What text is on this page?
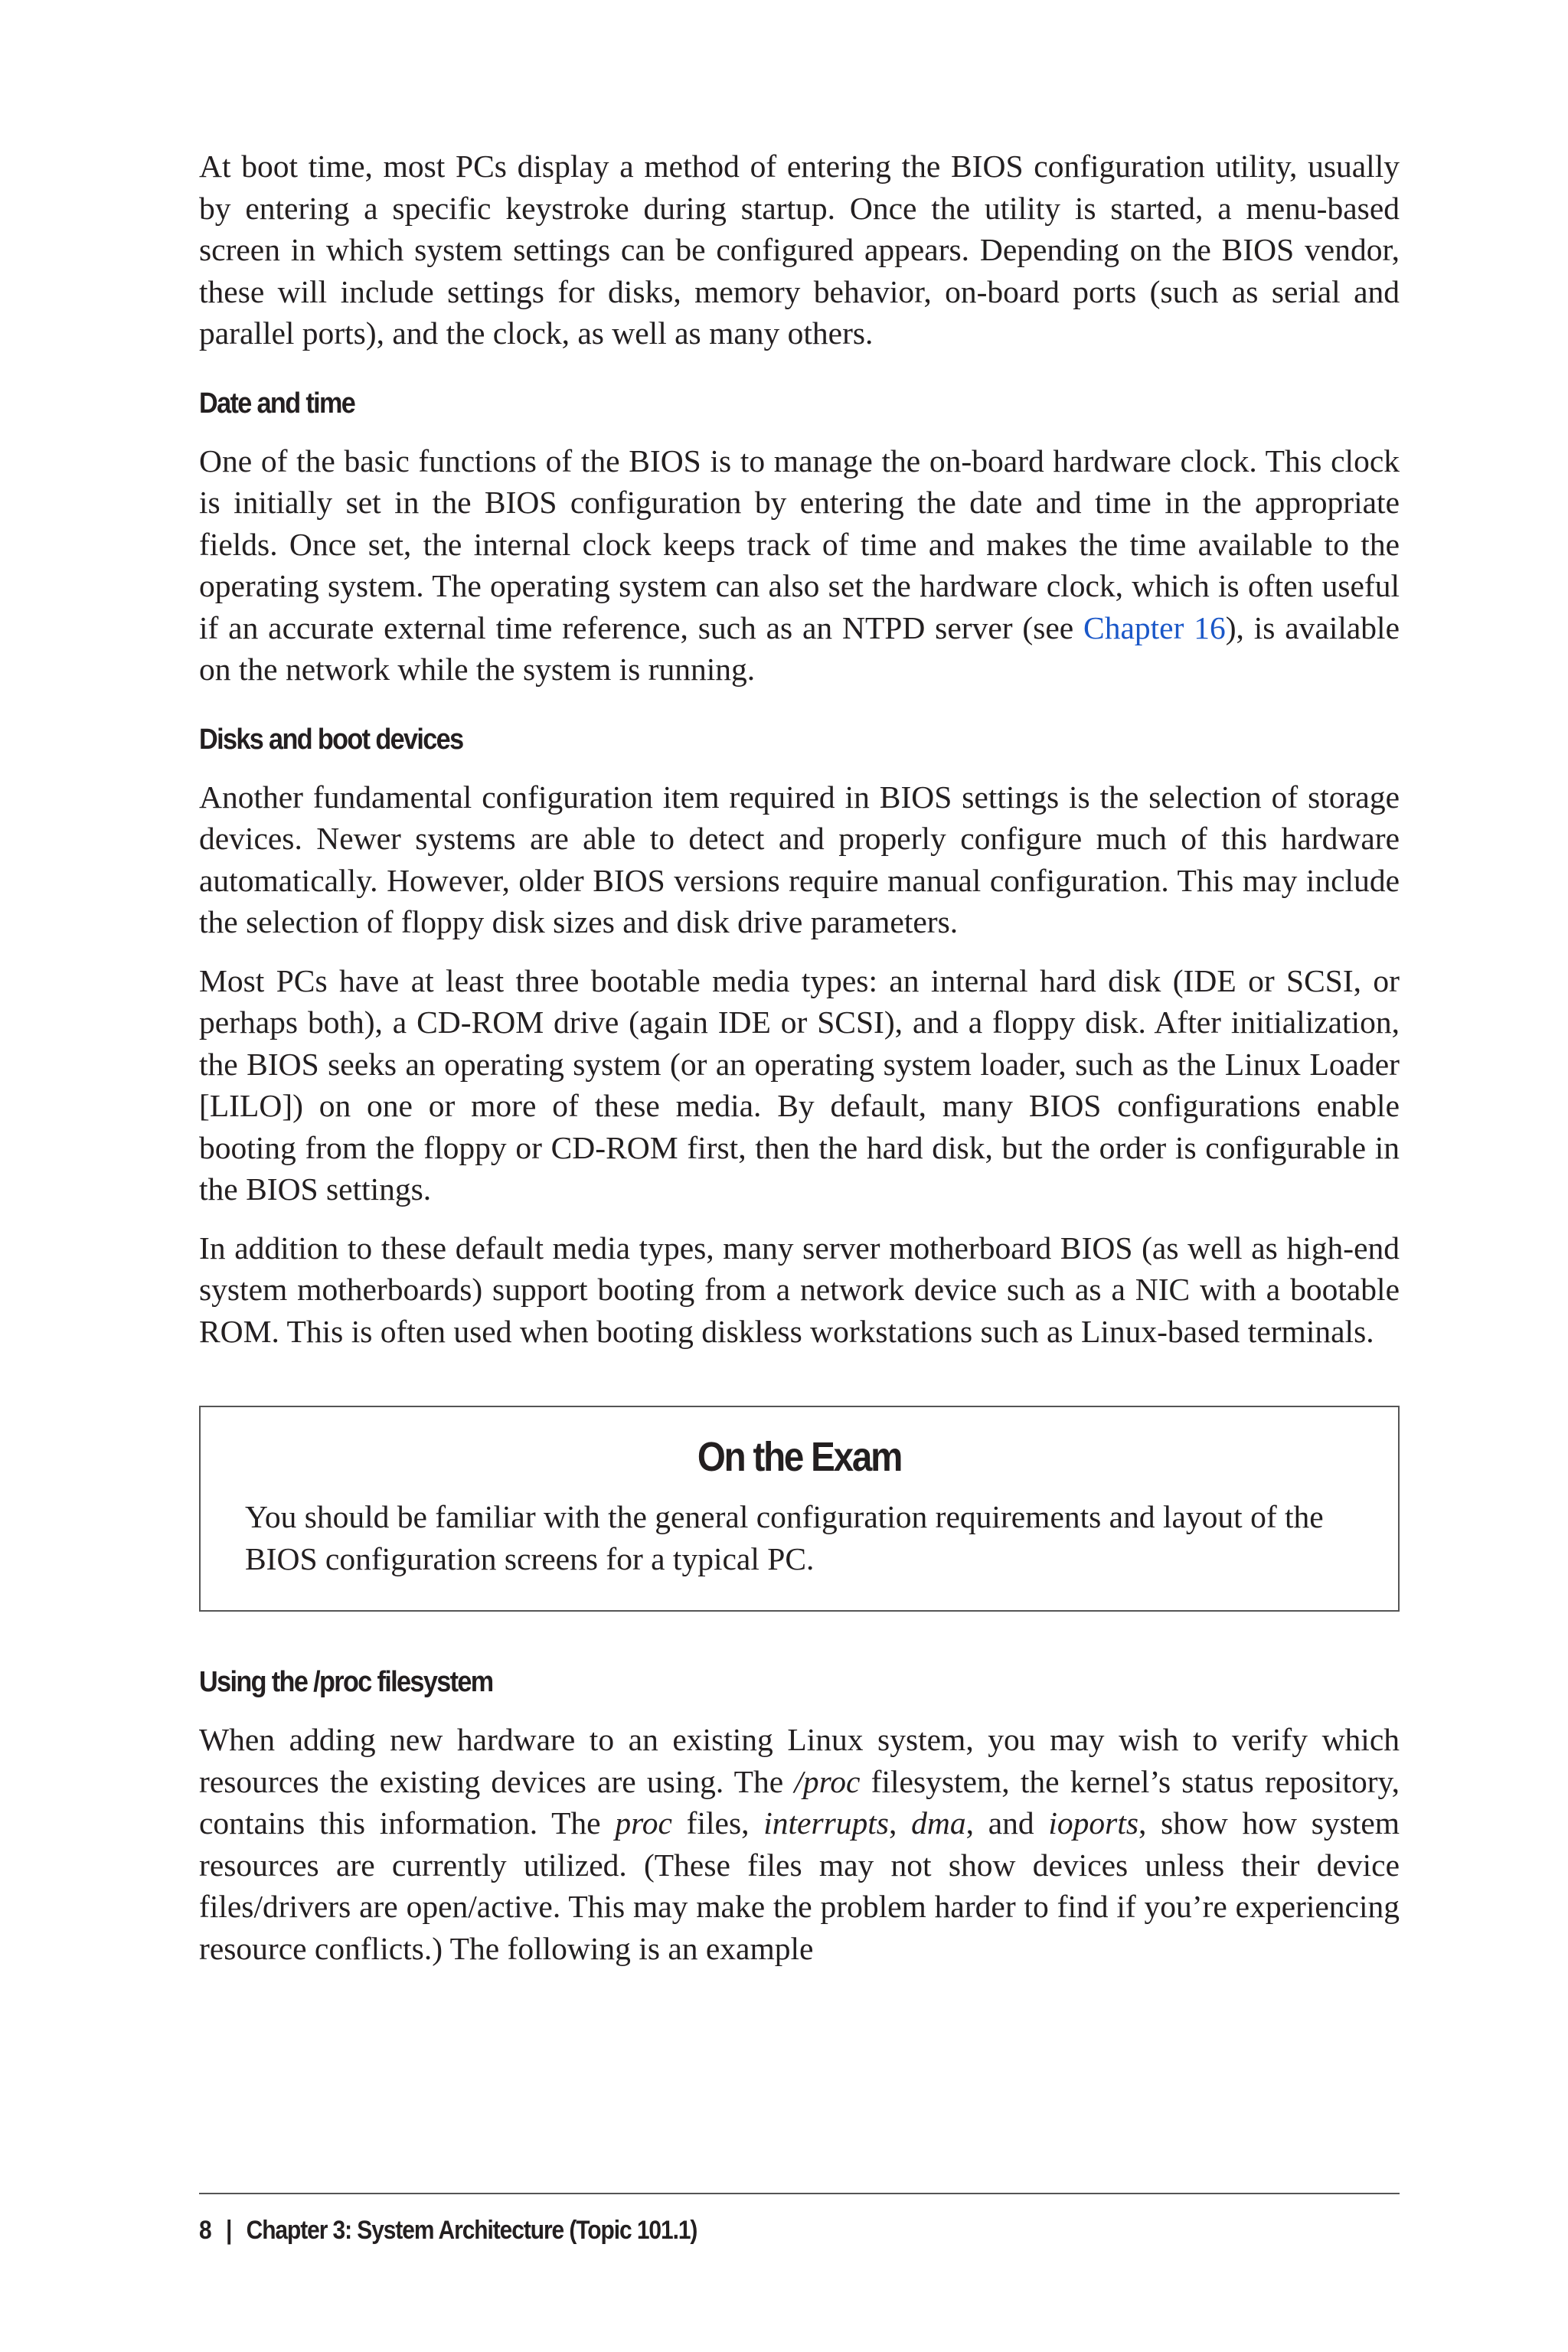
At boot time, most PCs display a method of entering the BIOS configuration utility, usually by entering a specific keystroke during startup. Once the utility is started, a menu-based screen in which system settings can be configured appears. Depending on the BIOS vendor, these will include settings for disks, memory behavior, on-board ports (such as serial and parallel ports), and the clock, as well as many others.

Date and time

One of the basic functions of the BIOS is to manage the on-board hardware clock. This clock is initially set in the BIOS configuration by entering the date and time in the appropriate fields. Once set, the internal clock keeps track of time and makes the time available to the operating system. The operating system can also set the hardware clock, which is often useful if an accurate external time reference, such as an NTPD server (see Chapter 16), is available on the network while the system is running.

Disks and boot devices

Another fundamental configuration item required in BIOS settings is the selection of storage devices. Newer systems are able to detect and properly configure much of this hardware automatically. However, older BIOS versions require manual configuration. This may include the selection of floppy disk sizes and disk drive parameters.

Most PCs have at least three bootable media types: an internal hard disk (IDE or SCSI, or perhaps both), a CD-ROM drive (again IDE or SCSI), and a floppy disk. After initialization, the BIOS seeks an operating system (or an operating system loader, such as the Linux Loader [LILO]) on one or more of these media. By default, many BIOS configurations enable booting from the floppy or CD-ROM first, then the hard disk, but the order is configurable in the BIOS settings.

In addition to these default media types, many server motherboard BIOS (as well as high-end system motherboards) support booting from a network device such as a NIC with a bootable ROM. This is often used when booting diskless workstations such as Linux-based terminals.

On the Exam

You should be familiar with the general configuration requirements and layout of the BIOS configuration screens for a typical PC.

Using the /proc filesystem

When adding new hardware to an existing Linux system, you may wish to verify which resources the existing devices are using. The /proc filesystem, the kernel’s status repository, contains this information. The proc files, interrupts, dma, and ioports, show how system resources are currently utilized. (These files may not show devices unless their device files/drivers are open/active. This may make the problem harder to find if you’re experiencing resource conflicts.) The following is an example

8 | Chapter 3: System Architecture (Topic 101.1)
